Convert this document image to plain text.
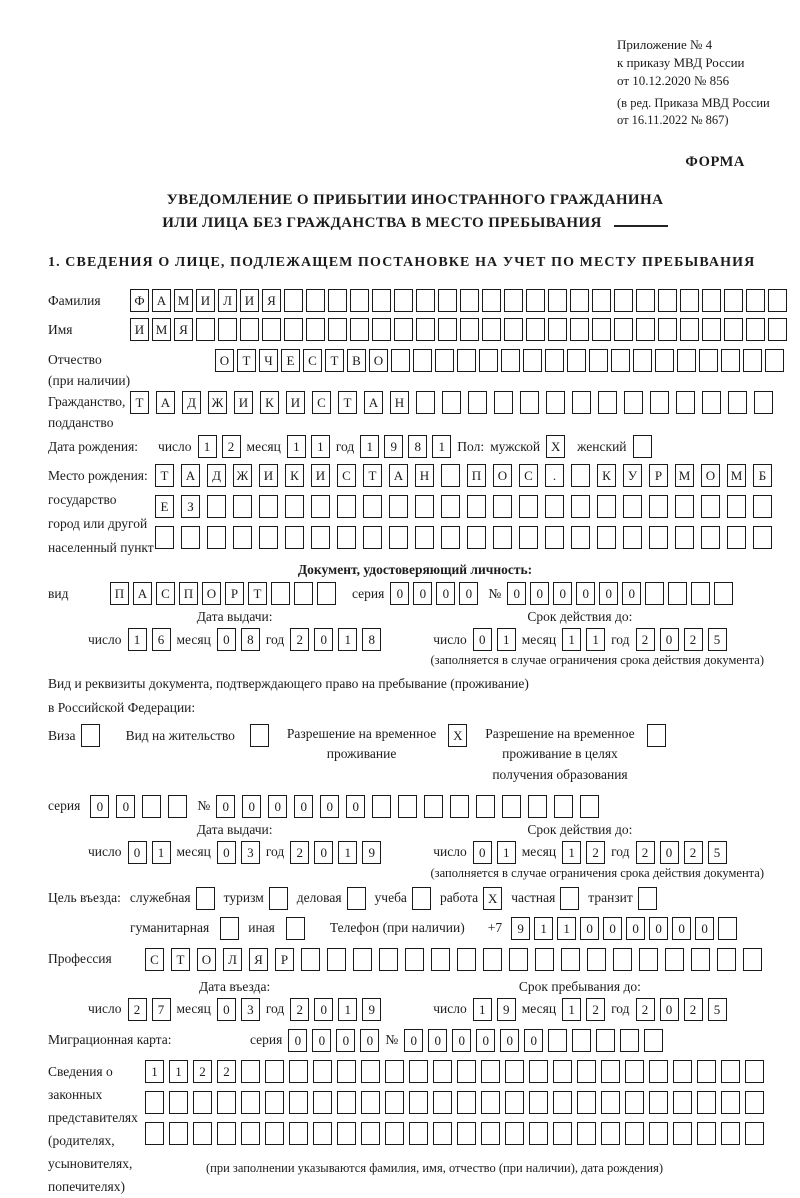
Приложение № 4
к приказу МВД России
от 10.12.2020 № 856
(в ред. Приказа МВД России
от 16.11.2022 № 867)
ФОРМА
УВЕДОМЛЕНИЕ О ПРИБЫТИИ ИНОСТРАННОГО ГРАЖДАНИНА
ИЛИ ЛИЦА БЕЗ ГРАЖДАНСТВА В МЕСТО ПРЕБЫВАНИЯ
1. СВЕДЕНИЯ О ЛИЦЕ, ПОДЛЕЖАЩЕМ ПОСТАНОВКЕ НА УЧЕТ ПО МЕСТУ ПРЕБЫВАНИЯ
Фамилия	Ф А М И Л И Я
Имя	И М Я
Отчество
(при наличии)
О	Т	Ч	Е	С	Т	В О
Гражданство,
подданство
Т	А	Д	Ж	И	К	И	С	Т	А	Н
Дата рождения: число 1	2 месяц 1	1 год 1	9	8	1 Пол: мужской X	женский
Место рождения:
государство
город или другой
населенный пункт
Т	А	Д	Ж	И	К	И	С	Т	А	Н	П	О	С	.	К	У	Р	М	О	М	Б
Е	З
Документ, удостоверяющий личность:
вид	П	А	С	П	О	Р	Т	серия 0	0	0	0	№ 0	0	0	0	0	0
Дата выдачи:
число 1	6 месяц 0	8 год 2	0	1	8
Срок действия до:
число 0	1 месяц 1	1 год 2	0	2	5
(заполняется в случае ограничения срока действия документа)
Вид и реквизиты документа, подтверждающего право на пребывание (проживание)
в Российской Федерации:
Виза	Вид на жительство	Разрешение на временное
проживание
X	Разрешение на временное
проживание в целях
получения образования
серия	0	0	№ 0	0	0	0	0	0
Дата выдачи:
число 0	1 месяц 0	3 год 2	0	1	9
Срок действия до:
число 0	1 месяц 1	2 год 2	0	2	5
(заполняется в случае ограничения срока действия документа)
Цель въезда: служебная туризм деловая учеба работа X	частная транзит
гуманитарная	иная	Телефон (при наличии) +7	9	1	1	0	0	0	0	0	0
Профессия	С	Т	О	Л	Я	Р
Дата въезда:
число 2	7 месяц 0	3 год 2	0	1	9
Срок пребывания до:
число 1	9 месяц 1	2 год 2	0	2	5
Миграционная карта:	серия 0	0	0	0 № 0	0	0	0	0	0
Сведения о
законных
представителях
(родителях,
усыновителях,
попечителях)
1	1	2	2
(при заполнении указываются фамилия, имя, отчество (при наличии), дата рождения)
